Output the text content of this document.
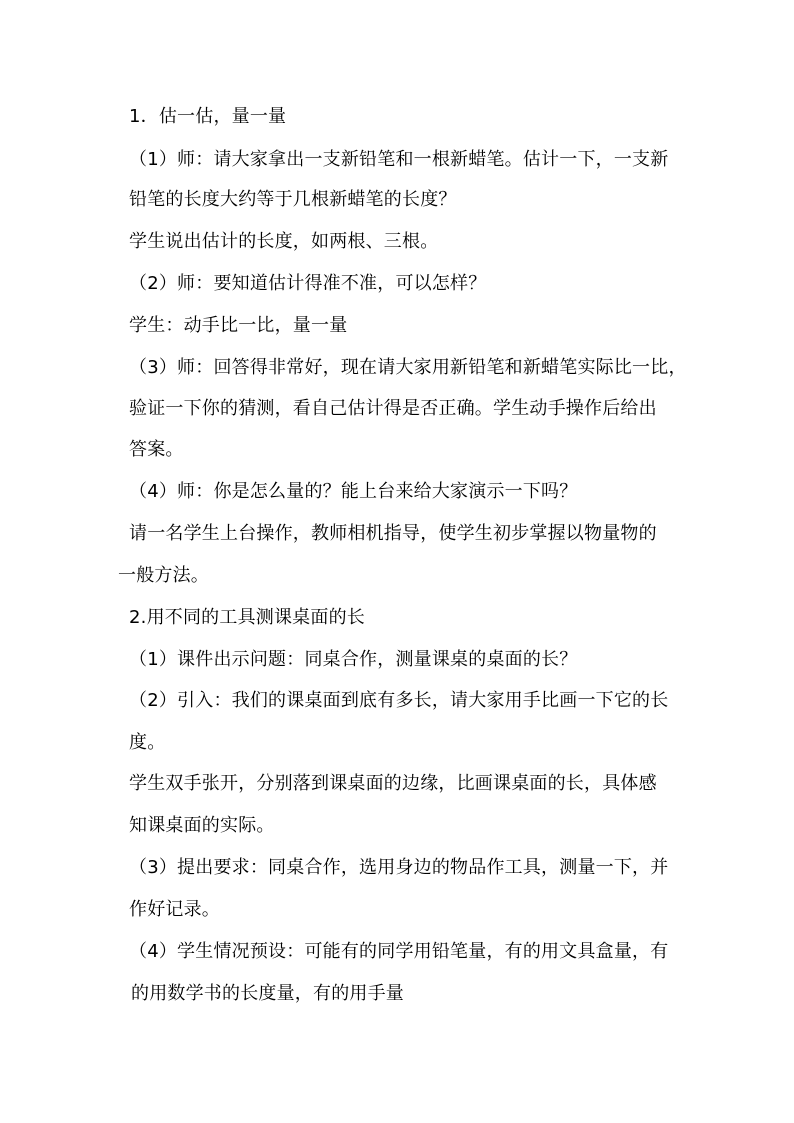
1．估一估，量一量
（1）师：请大家拿出一支新铅笔和一根新蜡笔。估计一下，一支新
铅笔的长度大约等于几根新蜡笔的长度？
学生说出估计的长度，如两根、三根。
（2）师：要知道估计得准不准，可以怎样？
学生：动手比一比，量一量
（3）师：回答得非常好，现在请大家用新铅笔和新蜡笔实际比一比，
验证一下你的猜测，看自己估计得是否正确。学生动手操作后给出
答案。
（4）师：你是怎么量的？能上台来给大家演示一下吗？
请一名学生上台操作，教师相机指导，使学生初步掌握以物量物的
一般方法。
2.用不同的工具测课桌面的长
（1）课件出示问题：同桌合作，测量课桌的桌面的长？
（2）引入：我们的课桌面到底有多长，请大家用手比画一下它的长
度。
学生双手张开，分别落到课桌面的边缘，比画课桌面的长，具体感
知课桌面的实际。
（3）提出要求：同桌合作，选用身边的物品作工具，测量一下，并
作好记录。
（4）学生情况预设：可能有的同学用铅笔量，有的用文具盒量，有
的用数学书的长度量，有的用手量
